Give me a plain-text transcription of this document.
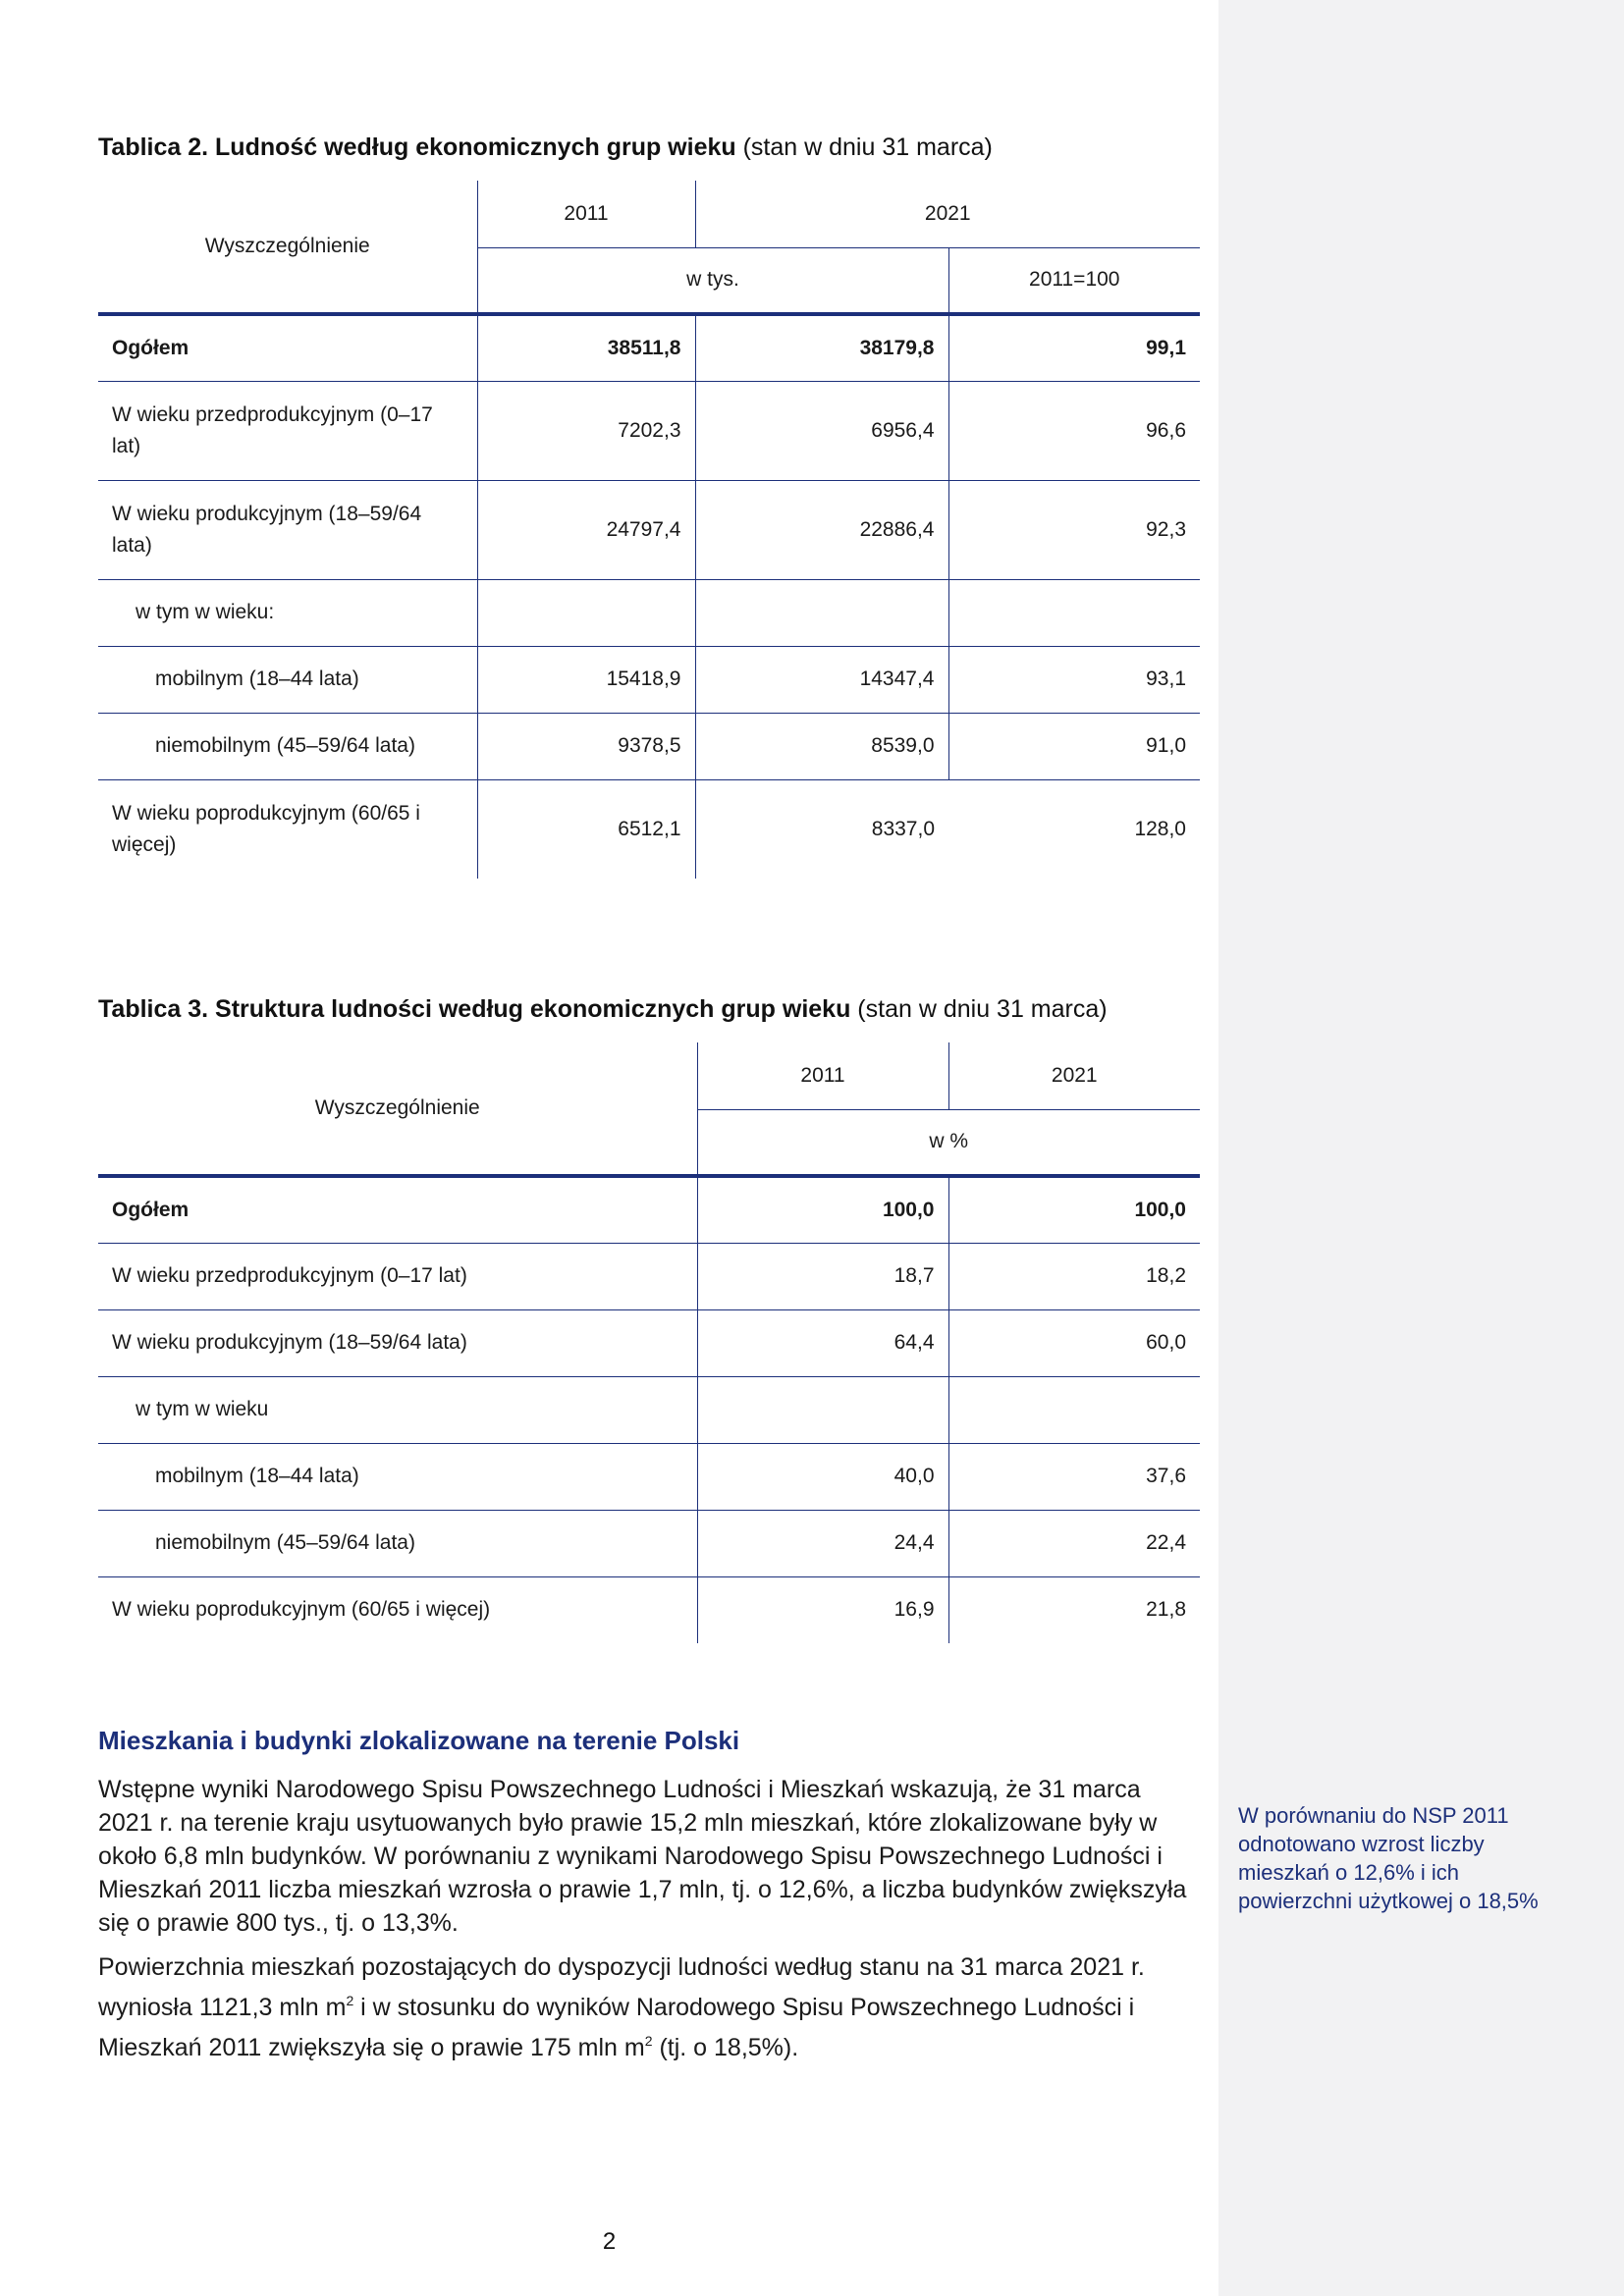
W porównaniu do NSP 2011 odnotowano wzrost liczby mieszkań o 12,6% i ich powierzchni użytkowej o 18,5%
Tablica 2. Ludność według ekonomicznych grup wieku (stan w dniu 31 marca)
Wyszczególnienie	2011	2021	
	w tys.		2011=100
Ogółem	38511,8	38179,8	99,1
W wieku przedprodukcyjnym (0–17 lat)	7202,3	6956,4	96,6
W wieku produkcyjnym (18–59/64 lata)	24797,4	22886,4	92,3
w tym w wieku:			
mobilnym (18–44 lata)	15418,9	14347,4	93,1
niemobilnym (45–59/64 lata)	9378,5	8539,0	91,0
W wieku poprodukcyjnym (60/65 i więcej)	6512,1	8337,0	128,0
Tablica 3. Struktura ludności według ekonomicznych grup wieku (stan w dniu 31 marca)
Wyszczególnienie	2011	2021
	w %	
Ogółem	100,0	100,0
W wieku przedprodukcyjnym (0–17 lat)	18,7	18,2
W wieku produkcyjnym (18–59/64 lata)	64,4	60,0
w tym w wieku		
mobilnym (18–44 lata)	40,0	37,6
niemobilnym (45–59/64 lata)	24,4	22,4
W wieku poprodukcyjnym (60/65 i więcej)	16,9	21,8
Mieszkania i budynki zlokalizowane na terenie Polski

Wstępne wyniki Narodowego Spisu Powszechnego Ludności i Mieszkań wskazują, że 31 marca 2021 r. na terenie kraju usytuowanych było prawie 15,2 mln mieszkań, które zlokalizowane były w około 6,8 mln budynków. W porównaniu z wynikami Narodowego Spisu Powszechnego Ludności i Mieszkań 2011 liczba mieszkań wzrosła o prawie 1,7 mln, tj. o 12,6%, a liczba budynków zwiększyła się o prawie 800 tys., tj. o 13,3%.

Powierzchnia mieszkań pozostających do dyspozycji ludności według stanu na 31 marca 2021 r. wyniosła 1121,3 mln $m^2$ i w stosunku do wyników Narodowego Spisu Powszechnego Ludności i Mieszkań 2011 zwiększyła się o prawie 175 mln $m^2$ (tj. o 18,5%).

2
